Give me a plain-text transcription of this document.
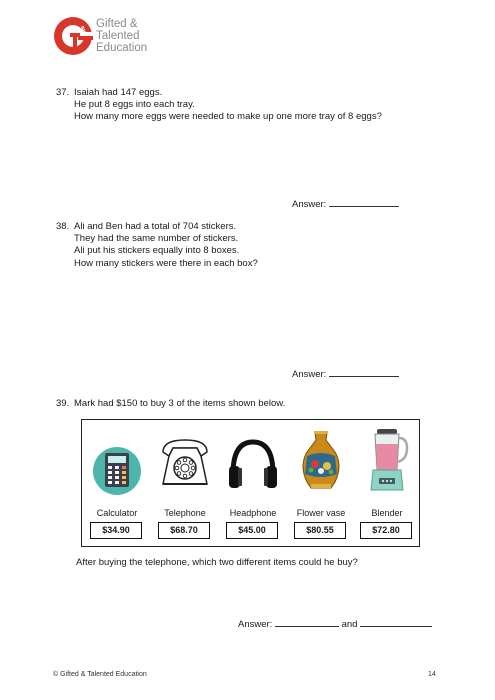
& Gifted &
Talented
Education
37. Isaiah had 147 eggs.
He put 8 eggs into each tray.
How many more eggs were needed to make up one more tray of 8 eggs?
Answer:
38. Ali and Ben had a total of 704 stickers.
They had the same number of stickers.
Ali put his stickers equally into 8 boxes.
How many stickers were there in each box?
Answer:
39. Mark had $150 to buy 3 of the items shown below.
Calculator
$34.90
Telephone
$68.70
Headphone
$45.00
Flower vase
$80.55
Blender
$72.80
After buying the telephone, which two different items could he buy?
Answer:	and
© Gifted & Talented Education	14
